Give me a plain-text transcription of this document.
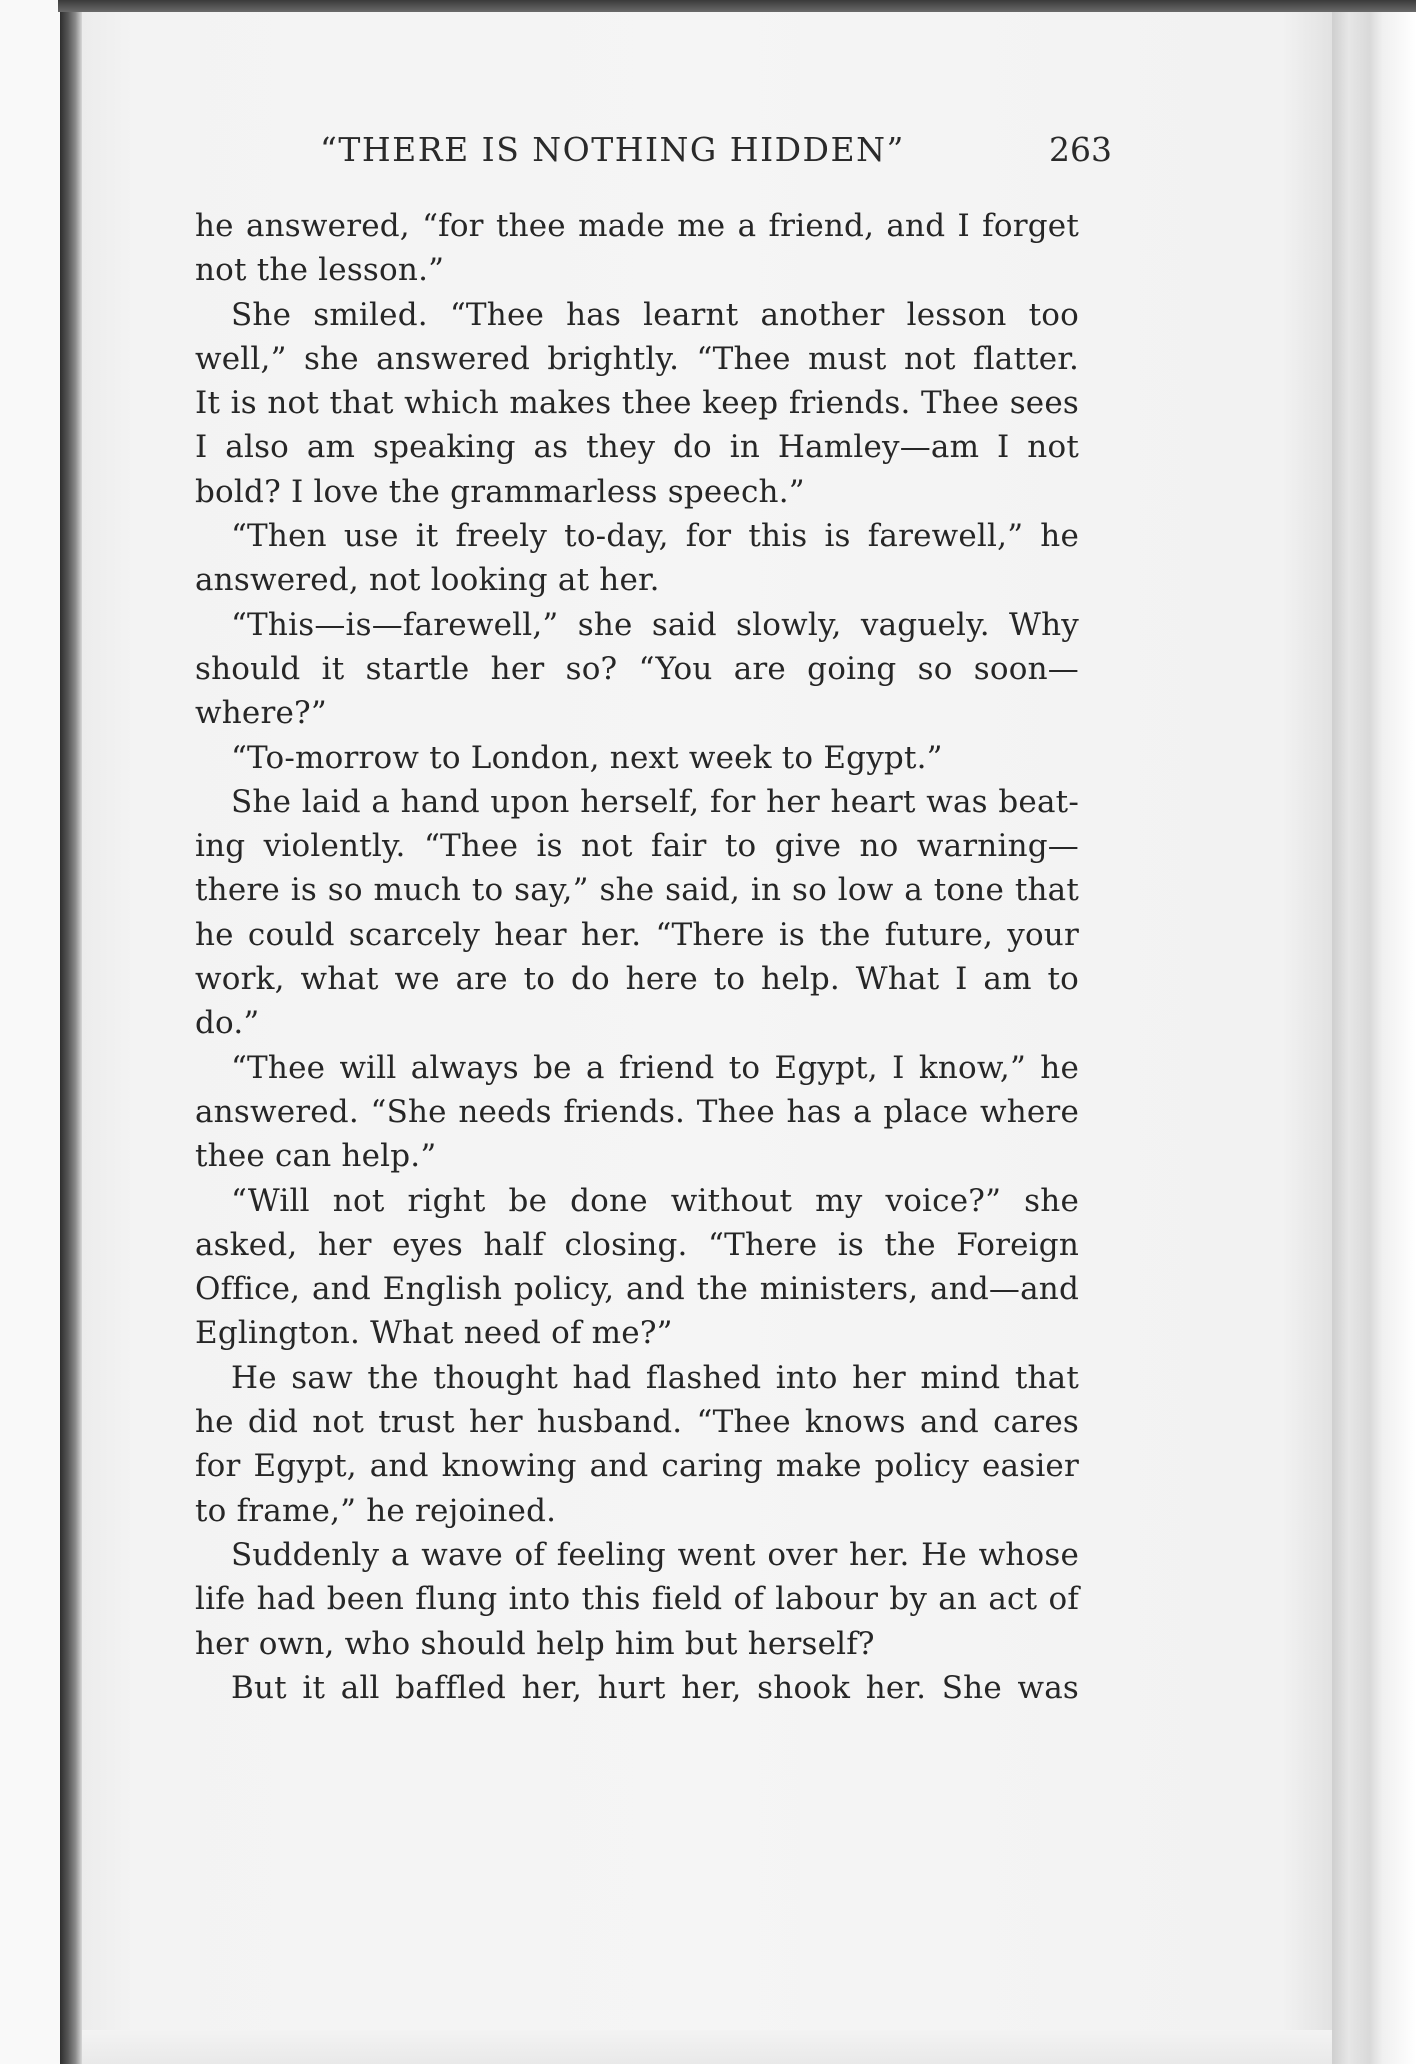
“THERE IS NOTHING HIDDEN”	263
he answered, “for thee made me a friend, and I forget
not the lesson.”
She smiled. “Thee has learnt another lesson too
well,” she answered brightly. “Thee must not flatter.
It is not that which makes thee keep friends. Thee sees
I also am speaking as they do in Hamley—am I not
bold? I love the grammarless speech.”
“Then use it freely to-day, for this is farewell,” he
answered, not looking at her.
“This—is—farewell,” she said slowly, vaguely. Why
should it startle her so? “You are going so soon—
where?”
“To-morrow to London, next week to Egypt.”
She laid a hand upon herself, for her heart was beat-
ing violently. “Thee is not fair to give no warning—
there is so much to say,” she said, in so low a tone that
he could scarcely hear her. “There is the future, your
work, what we are to do here to help. What I am to
do.”
“Thee will always be a friend to Egypt, I know,” he
answered. “She needs friends. Thee has a place where
thee can help.”
“Will not right be done without my voice?” she
asked, her eyes half closing. “There is the Foreign
Office, and English policy, and the ministers, and—and
Eglington. What need of me?”
He saw the thought had flashed into her mind that
he did not trust her husband. “Thee knows and cares
for Egypt, and knowing and caring make policy easier
to frame,” he rejoined.
Suddenly a wave of feeling went over her. He whose
life had been flung into this field of labour by an act of
her own, who should help him but herself?
But it all baffled her, hurt her, shook her. She was
